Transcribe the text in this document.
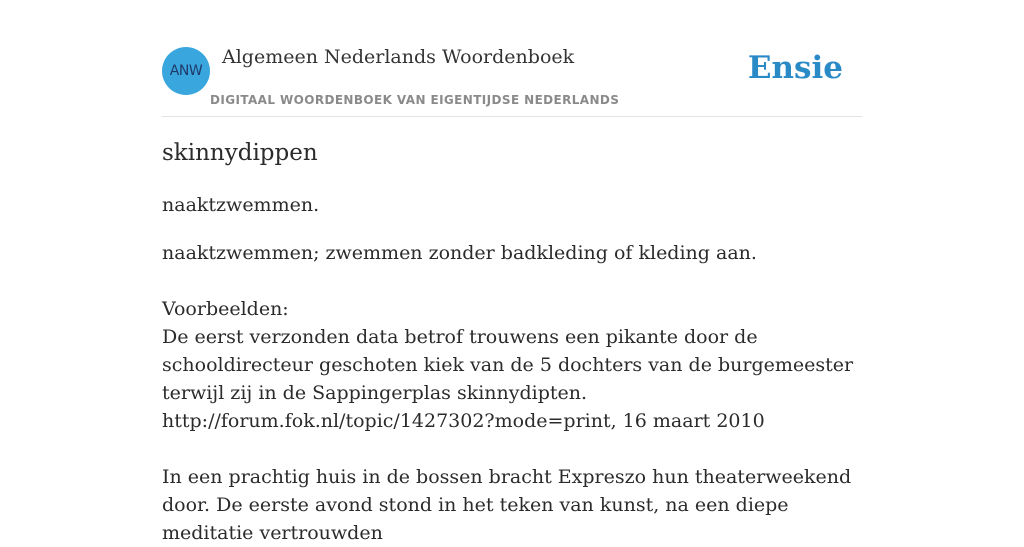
ANW
Algemeen Nederlands Woordenboek
DIGITAAL WOORDENBOEK VAN EIGENTIJDSE NEDERLANDS
Ensie
skinnydippen

naaktzwemmen.

naaktzwemmen; zwemmen zonder badkleding of kleding aan.

Voorbeelden:

De eerst verzonden data betrof trouwens een pikante door de schooldirecteur geschoten kiek van de 5 dochters van de burgemeester terwijl zij in de Sappingerplas skinnydipten.

http://forum.fok.nl/topic/1427302?mode=print, 16 maart 2010

In een prachtig huis in de bossen bracht Expreszo hun theaterweekend door. De eerste avond stond in het teken van kunst, na een diepe meditatie vertrouwden
